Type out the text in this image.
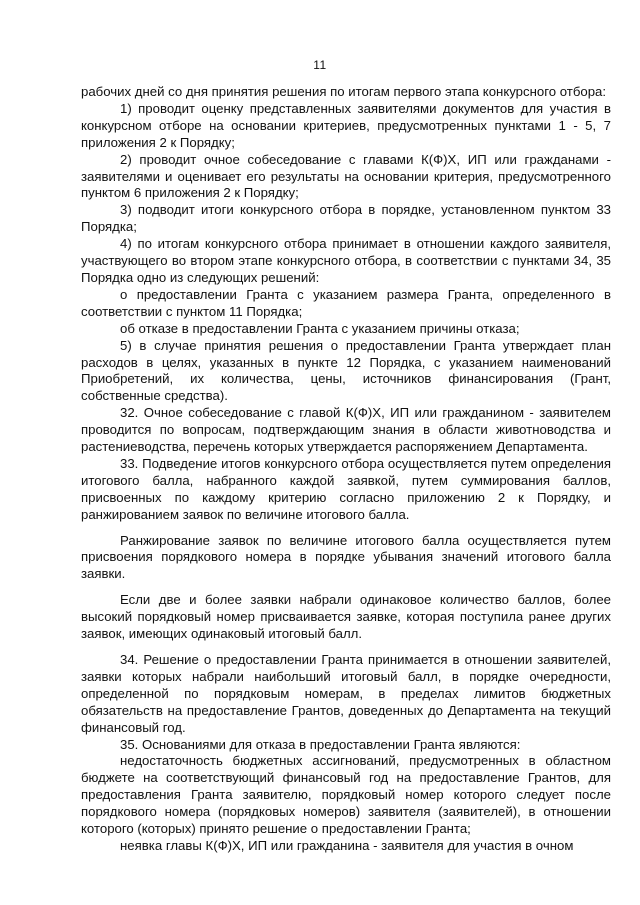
11

рабочих дней со дня принятия решения по итогам первого этапа конкурсного отбора:

1) проводит оценку представленных заявителями документов для участия в конкурсном отборе на основании критериев, предусмотренных пунктами 1 - 5, 7 приложения 2 к Порядку;

2) проводит очное собеседование с главами К(Ф)Х, ИП или гражданами - заявителями и оценивает его результаты на основании критерия, предусмотренного пунктом 6 приложения 2 к Порядку;

3) подводит итоги конкурсного отбора в порядке, установленном пунктом 33 Порядка;

4) по итогам конкурсного отбора принимает в отношении каждого заявителя, участвующего во втором этапе конкурсного отбора, в соответствии с пунктами 34, 35 Порядка одно из следующих решений:

о предоставлении Гранта с указанием размера Гранта, определенного в соответствии с пунктом 11 Порядка;

об отказе в предоставлении Гранта с указанием причины отказа;

5) в случае принятия решения о предоставлении Гранта утверждает план расходов в целях, указанных в пункте 12 Порядка, с указанием наименований Приобретений, их количества, цены, источников финансирования (Грант, собственные средства).

32. Очное собеседование с главой К(Ф)Х, ИП или гражданином - заявителем проводится по вопросам, подтверждающим знания в области животноводства и растениеводства, перечень которых утверждается распоряжением Департамента.

33. Подведение итогов конкурсного отбора осуществляется путем определения итогового балла, набранного каждой заявкой, путем суммирования баллов, присвоенных по каждому критерию согласно приложению 2 к Порядку, и ранжированием заявок по величине итогового балла.

Ранжирование заявок по величине итогового балла осуществляется путем присвоения порядкового номера в порядке убывания значений итогового балла заявки.

Если две и более заявки набрали одинаковое количество баллов, более высокий порядковый номер присваивается заявке, которая поступила ранее других заявок, имеющих одинаковый итоговый балл.

34. Решение о предоставлении Гранта принимается в отношении заявителей, заявки которых набрали наибольший итоговый балл, в порядке очередности, определенной по порядковым номерам, в пределах лимитов бюджетных обязательств на предоставление Грантов, доведенных до Департамента на текущий финансовый год.

35. Основаниями для отказа в предоставлении Гранта являются:

недостаточность бюджетных ассигнований, предусмотренных в областном бюджете на соответствующий финансовый год на предоставление Грантов, для предоставления Гранта заявителю, порядковый номер которого следует после порядкового номера (порядковых номеров) заявителя (заявителей), в отношении которого (которых) принято решение о предоставлении Гранта;

неявка главы К(Ф)Х, ИП или гражданина - заявителя для участия в очном
